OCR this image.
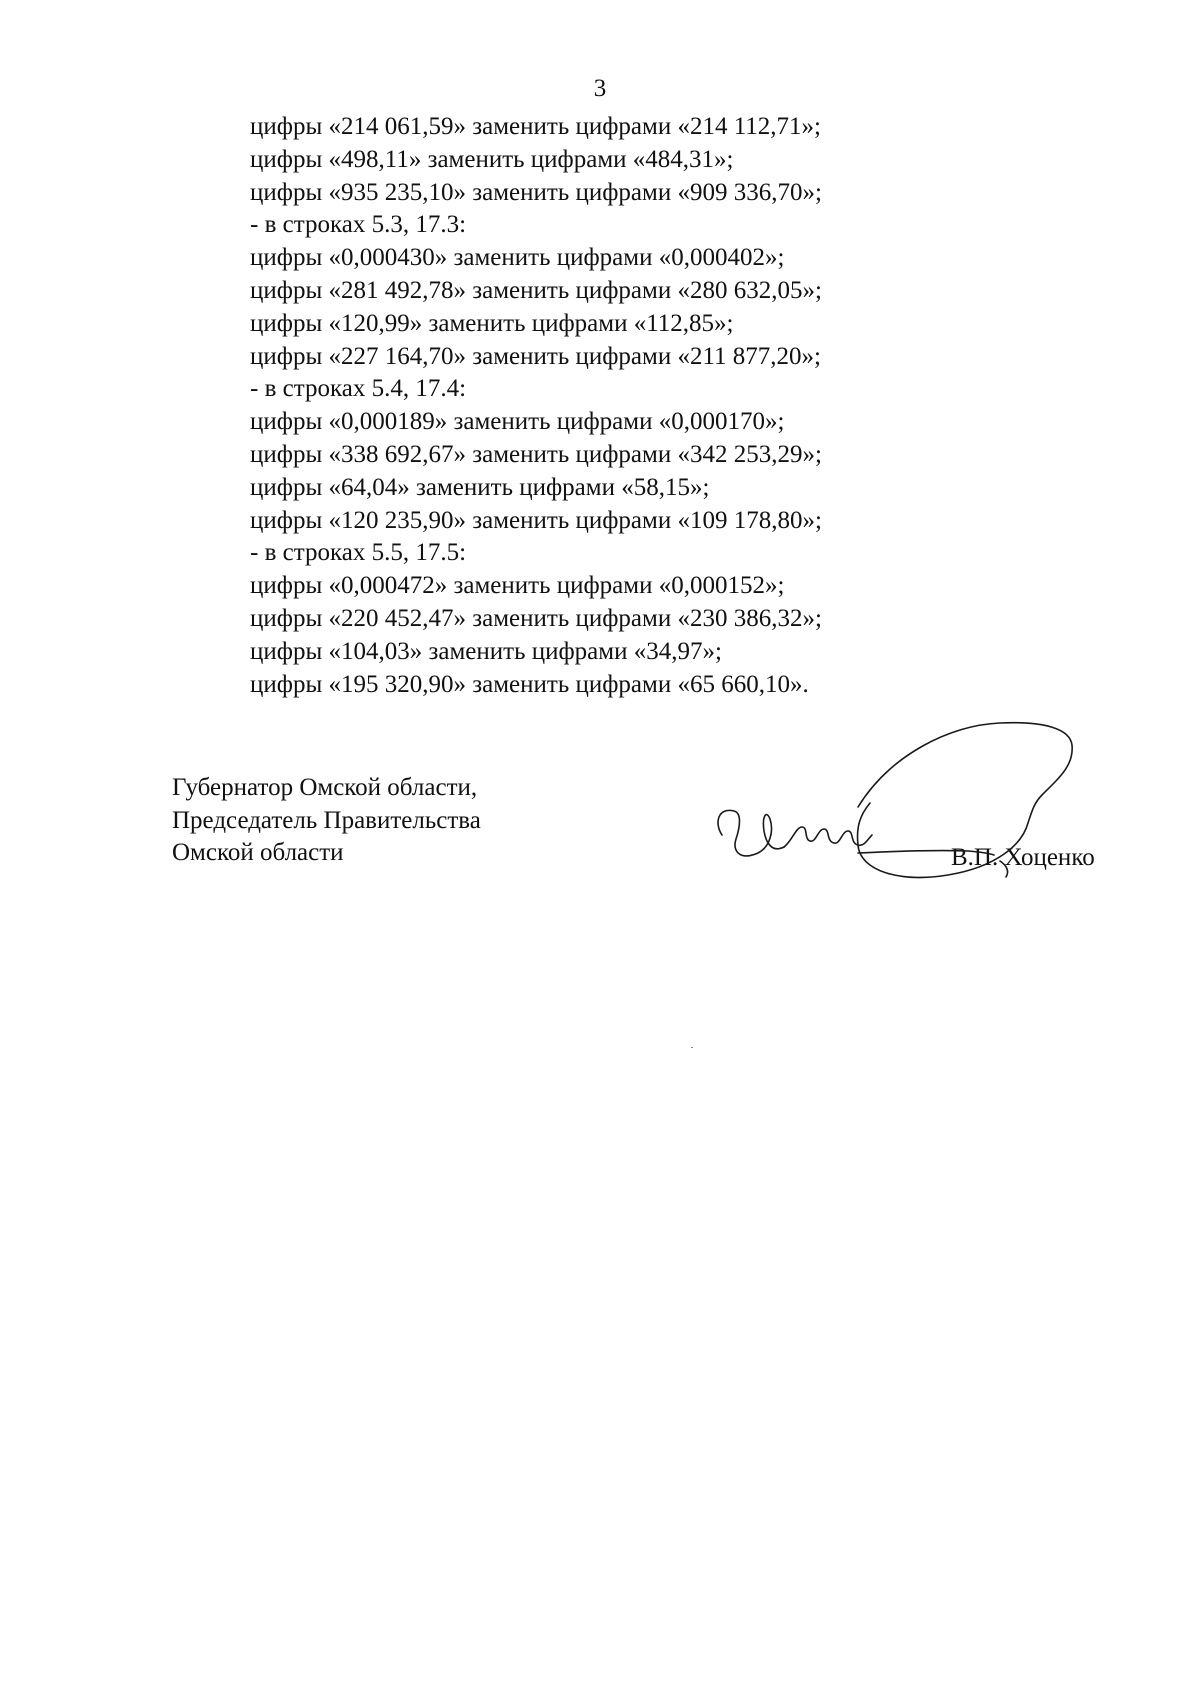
3
цифры «214 061,59» заменить цифрами «214 112,71»;
цифры «498,11» заменить цифрами «484,31»;
цифры «935 235,10» заменить цифрами «909 336,70»;
- в строках 5.3, 17.3:
цифры «0,000430» заменить цифрами «0,000402»;
цифры «281 492,78» заменить цифрами «280 632,05»;
цифры «120,99» заменить цифрами «112,85»;
цифры «227 164,70» заменить цифрами «211 877,20»;
- в строках 5.4, 17.4:
цифры «0,000189» заменить цифрами «0,000170»;
цифры «338 692,67» заменить цифрами «342 253,29»;
цифры «64,04» заменить цифрами «58,15»;
цифры «120 235,90» заменить цифрами «109 178,80»;
- в строках 5.5, 17.5:
цифры «0,000472» заменить цифрами «0,000152»;
цифры «220 452,47» заменить цифрами «230 386,32»;
цифры «104,03» заменить цифрами «34,97»;
цифры «195 320,90» заменить цифрами «65 660,10».
Губернатор Омской области,
Председатель Правительства
Омской области	В.П. Хоценко
